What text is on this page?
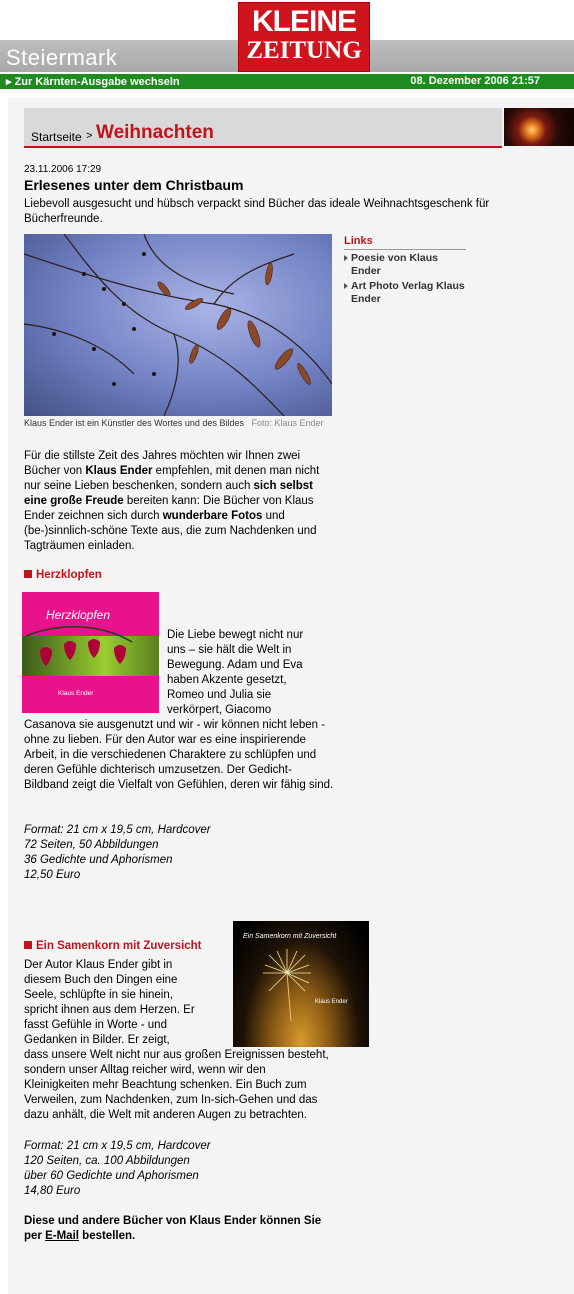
Steiermark
KLEINE
ZEITUNG
▸ Zur Kärnten-Ausgabe wechseln	08. Dezember 2006 21:57
Startseite > Weihnachten
23.11.2006 17:29
Erlesenes unter dem Christbaum
Liebevoll ausgesucht und hübsch verpackt sind Bücher das ideale Weihnachtsgeschenk für Bücherfreunde.
Klaus Ender ist ein Künstler des Wortes und des Bildes Foto: Klaus Ender
Links
Poesie von Klaus Ender
Art Photo Verlag Klaus Ender
Für die stillste Zeit des Jahres möchten wir Ihnen zwei Bücher von Klaus Ender empfehlen, mit denen man nicht nur seine Lieben beschenken, sondern auch sich selbst eine große Freude bereiten kann: Die Bücher von Klaus Ender zeichnen sich durch wunderbare Fotos und (be-)sinnlich-schöne Texte aus, die zum Nachdenken und Tagträumen einladen.
Herzklopfen
Herzklopfen
Klaus Ender
Die Liebe bewegt nicht nur uns – sie hält die Welt in Bewegung. Adam und Eva haben Akzente gesetzt, Romeo und Julia sie verkörpert, Giacomo
Casanova sie ausgenutzt und wir - wir können nicht leben - ohne zu lieben. Für den Autor war es eine inspirierende Arbeit, in die verschiedenen Charaktere zu schlüpfen und deren Gefühle dichterisch umzusetzen. Der Gedicht-Bildband zeigt die Vielfalt von Gefühlen, deren wir fähig sind.
Format: 21 cm x 19,5 cm, Hardcover
72 Seiten, 50 Abbildungen
36 Gedichte und Aphorismen
12,50 Euro
Ein Samenkorn mit Zuversicht
Ein Samenkorn mit Zuversicht
Klaus Ender
Der Autor Klaus Ender gibt in diesem Buch den Dingen eine Seele, schlüpfte in sie hinein, spricht ihnen aus dem Herzen. Er fasst Gefühle in Worte - und Gedanken in Bilder. Er zeigt,
dass unsere Welt nicht nur aus großen Ereignissen besteht, sondern unser Alltag reicher wird, wenn wir den Kleinigkeiten mehr Beachtung schenken. Ein Buch zum Verweilen, zum Nachdenken, zum In-sich-Gehen und das dazu anhält, die Welt mit anderen Augen zu betrachten.
Format: 21 cm x 19,5 cm, Hardcover
120 Seiten, ca. 100 Abbildungen
über 60 Gedichte und Aphorismen
14,80 Euro
Diese und andere Bücher von Klaus Ender können Sie per E-Mail bestellen.
